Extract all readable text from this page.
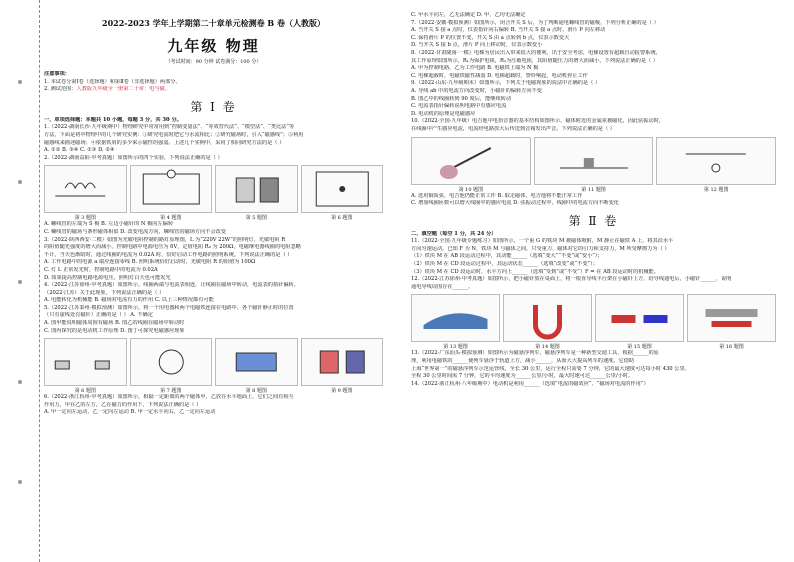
2022-2023 学年上学期第二十章单元检测卷 B 卷（人教版）
九年级 物理
（考试时间：90 分钟 试卷满分：100 分）
注意事项：
1. 本试卷分第Ⅰ卷（选择题）和第Ⅱ卷（非选择题）两部分。
2. 测试范围：人教版九年级全一册第二十章：电与磁。
第 Ⅰ 卷
一、单项选择题：本题共 10 小题，每题 3 分，共 30 分。
1.（2022·湖南长沙·九年级期中）物理研究中常常用到“控制变量法”、“等效替代法”、“模型法”、“类比法”等
方法，下面是初中物理中的几个研究实例：①研究电流时把它与水流相比；②研究磁场时，引入“磁感线”；③利用
磁感线来描述磁场；④依据铁屑的多少来示磁性的强弱。上述几个实例中，采用了相同研究方法的是（ ）
A. ①② B. ③④ C. ①③ D. ②④
2.（2022·湖南益阳·中考真题）如图所示的四个实验，下列说法正确的是（ ）
第 3 题图	第 4 题图	第 5 题图	第 6 题图
A. 螺线管的左端为 S 极 B. 左边小磁针的 N 极向左偏转
C. 螺线管的磁场与条形磁体相似 D. 改变电流方向，螺线管的磁场方向不会改变
3.（2022·陕西西安·二模）如图为光敏电阻控制的路灯原理图，L 为“220V 22W”的照明灯，光敏电阻 R
的阻值随光强度的增大而减小。控制电路中电源电压为 6V，定值电阻 R₀ 为 200Ω，电磁继电器线圈的电阻忽略
不计，当天色渐暗时，通过线圈的电流为 0.02A 时，恰好启动工作电路的照明系统。下列说法正确的是（ ）
A. 工作电路中的电源 a 端应连接零线 B. 照明系统恰好启动时，光敏电阻 R 的阻值为 100Ω
C. 灯 L 正常发光时，控制电路中的电流为 0.02A
D. 如果提高控制电路电源电压，照明灯白天也可能发光
4.（2022·江苏徐州·中考真题）如图所示，线圈两端与电流表相连，让线圈在磁场中转动，电流表的指针偏转。
（2022·江苏）关于此现象，下列说法正确的是（ ）
A. 电能转化为机械能 B. 磁场对电流有力的作用 C. 以上三种情况都有可能
5.（2022·江苏泰州·模拟预测）如图所示，将一个用电器和两个电磁铁连接在电路中，各个磁针静止时的位置
（只有虚线处有磁针）正确的是（ ） A. 不确定
A. 图甲能说明磁体周围有磁场 B. 图乙的线圈在磁场中转动时
C. 图丙探究的是电动机工作原理 D. 图丁可探究电磁感应现象
第 6 题图	第 7 题图	第 8 题图	第 9 题图
6.（2022·浙江杭州·中考真题）如图所示，相隔一定距离的两个磁体甲、乙放在水平地面上，它们之间有相互
作用力，甲在乙的左方，乙在磁力的作用下，下列说法正确的是（ ）
A. 甲一定向左运动，乙一定向左运动 B. 甲一定水平向右，乙一定向左运动
C. 甲水平向左，乙无法确定 D. 甲、乙均无法确定
7.（2022·安徽·模拟预测）如图所示，闭合开关 S 后，为了判断通电螺线管的磁极，下列分析正确的是（ ）
A. 当开关 S 接 a 点时，仪表指针向右偏转 B. 当开关 S 接 a 点时，滑片 P 向左移动
C. 保持滑片 P 的位置不变，开关 S 由 a 点转到 b 点，仪表示数变大
D. 当开关 S 接 b 点，滑片 P 向上移动时，仪表示数变小
8.（2022·甘肃陇南·一模）电梯为居民出入带来很大的便利，出于安全考虑，电梯设置有超载自动报警系统，
其工作原理如图所示，R₁为保护电阻，R₂为压敏电阻，其阻值随压力的增大而减小。下列说法正确的是（ ）
A. 甲为控制电路，乙为工作电路 B. 电磁铁上端为 N 极
C. 电梯超载时，电磁铁磁性减弱 D. 电梯超载时，警铃响起，电动机停止工作
9.（2022·山东·九年级期末）如图所示，下列关于电磁现象的说法中正确的是（ ）
A. 导线 ab 中的电流方向改变时，小磁针的偏转方向不变
B. 图乙中的线圈转到 90 度后，能继续转动
C. 电流表指针偏转说明电路中有感应电流
D. 电动机的原理是电磁感应
10.（2022·全国·九年级）电吉他中电拾音器的基本结构如图所示，磁体附近的金属弦被磁化，因此弦振动时，
在线圈中产生感应电流，电流经电路放大后传送到音箱发出声音。下列说法正确的是（ ）
第 10 题图	第 11 题图	第 12 题图
A. 选用铜质弦，电吉他仍能正常工作 B. 取走磁体，电吉他将不能正常工作
C. 增加线圈匝数可以增大线圈中的感应电流 D. 弦振动过程中，线圈中的电流方向不断变化
第 Ⅱ 卷
二、填空题（每空 1 分，共 24 分）
11.（2022·全国·九年级专题练习）如图所示，一个重 G 的铁块 M 被磁体吸附，M 静止在磁铁 A 上，将其沿水平
方向匀速运动，已知 F 为 N，铁块 M 与磁体之间，只受重力、磁体对它的引力和支持力，M 所受摩擦力为（ ）
（1）铁块 M 在 AB 段运动过程中，其动能______（选填“变大”“不变”或“变小”）；
（2）铁块 M 在 CD 段运动过程中，其运动状态______（选填“改变”或“不变”）；
（3）铁块 M 在 CD 段运动时，水平方向上______（选填“受到”或“不受”）F = 在 AB 段运动时的机械能。
12.（2022·江苏徐州·中考真题）如图所示，把小磁针放在桌面上，将一根直导线平行架在小磁针上方，给导线通电后，小磁针______，说明
通电导线周围存在______。
第 13 题图	第 14 题图	第 15 题图	第 16 题图
13.（2022·广东汕头·模拟预测）如图所示为磁悬浮列车，磁悬浮列车是一种新型交通工具，根据______的原
理，利用电磁铁的______使列车悬浮于轨道上方，减小______，从而大大提高列车的速度。它借助
上海“世界第一”的磁悬浮列车示范运营线，全长 30 公里，运行全程只需要 7 分钟，它的最大速度可达每小时 430 公里。
全程 30 公里时间需 7 分钟，它的平均速度为______公里/小时，最大时速可达______公里/小时。
14.（2022·浙江杭州·八年级期中）电动机是利用______（选填“电流的磁效应”、“磁场对电流的作用”）
